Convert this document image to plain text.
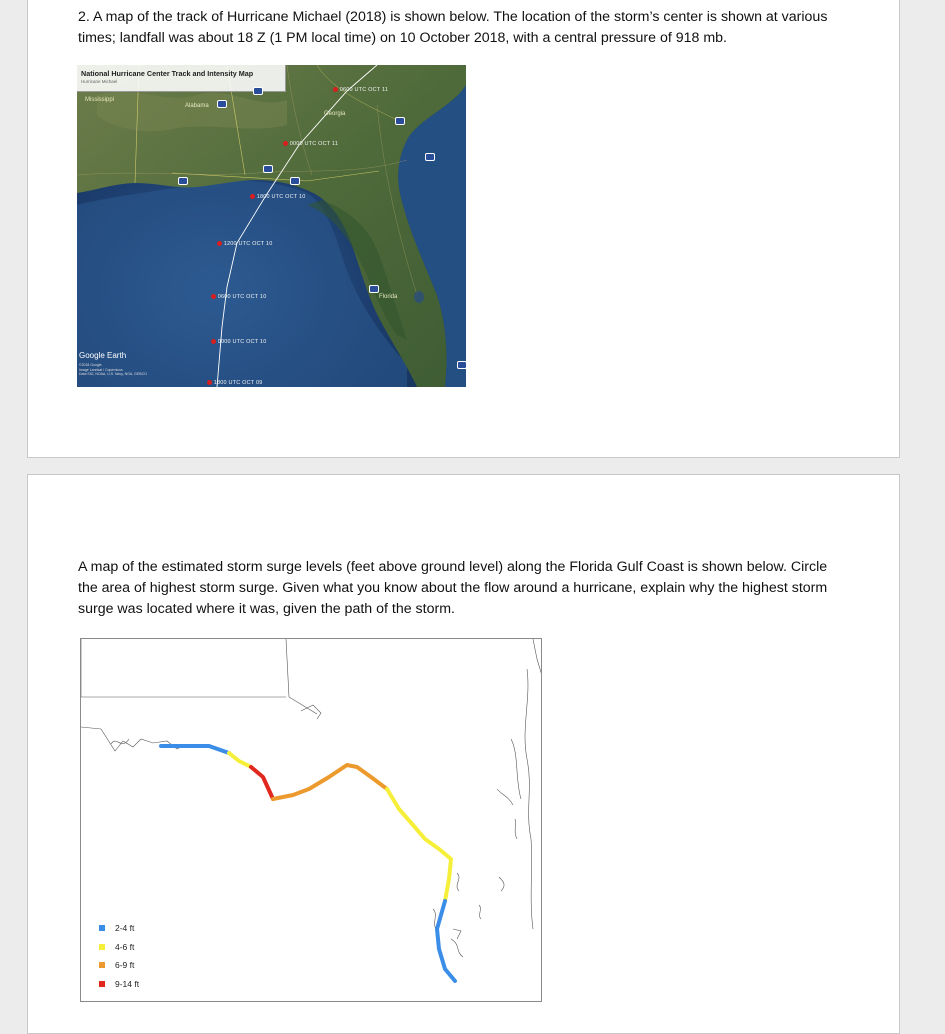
2. A map of the track of Hurricane Michael (2018) is shown below. The location of the storm’s center is shown at various times; landfall was about 18 Z (1 PM local time) on 10 October 2018, with a central pressure of 918 mb.
National Hurricane Center Track and Intensity Map
Hurricane Michael
Mississippi
Alabama
Georgia
Florida
0600 UTC OCT 11
0000 UTC OCT 11
1800 UTC OCT 10
1200 UTC OCT 10
0600 UTC OCT 10
0000 UTC OCT 10
1800 UTC OCT 09
Google Earth
©2018 Google
Image Landsat / Copernicus
Data SIO, NOAA, U.S. Navy, NGA, GEBCO
A map of the estimated storm surge levels (feet above ground level) along the Florida Gulf Coast is shown below. Circle the area of highest storm surge. Given what you know about the flow around a hurricane, explain why the highest storm surge was located where it was, given the path of the storm.
2-4 ft
4-6 ft
6-9 ft
9-14 ft
